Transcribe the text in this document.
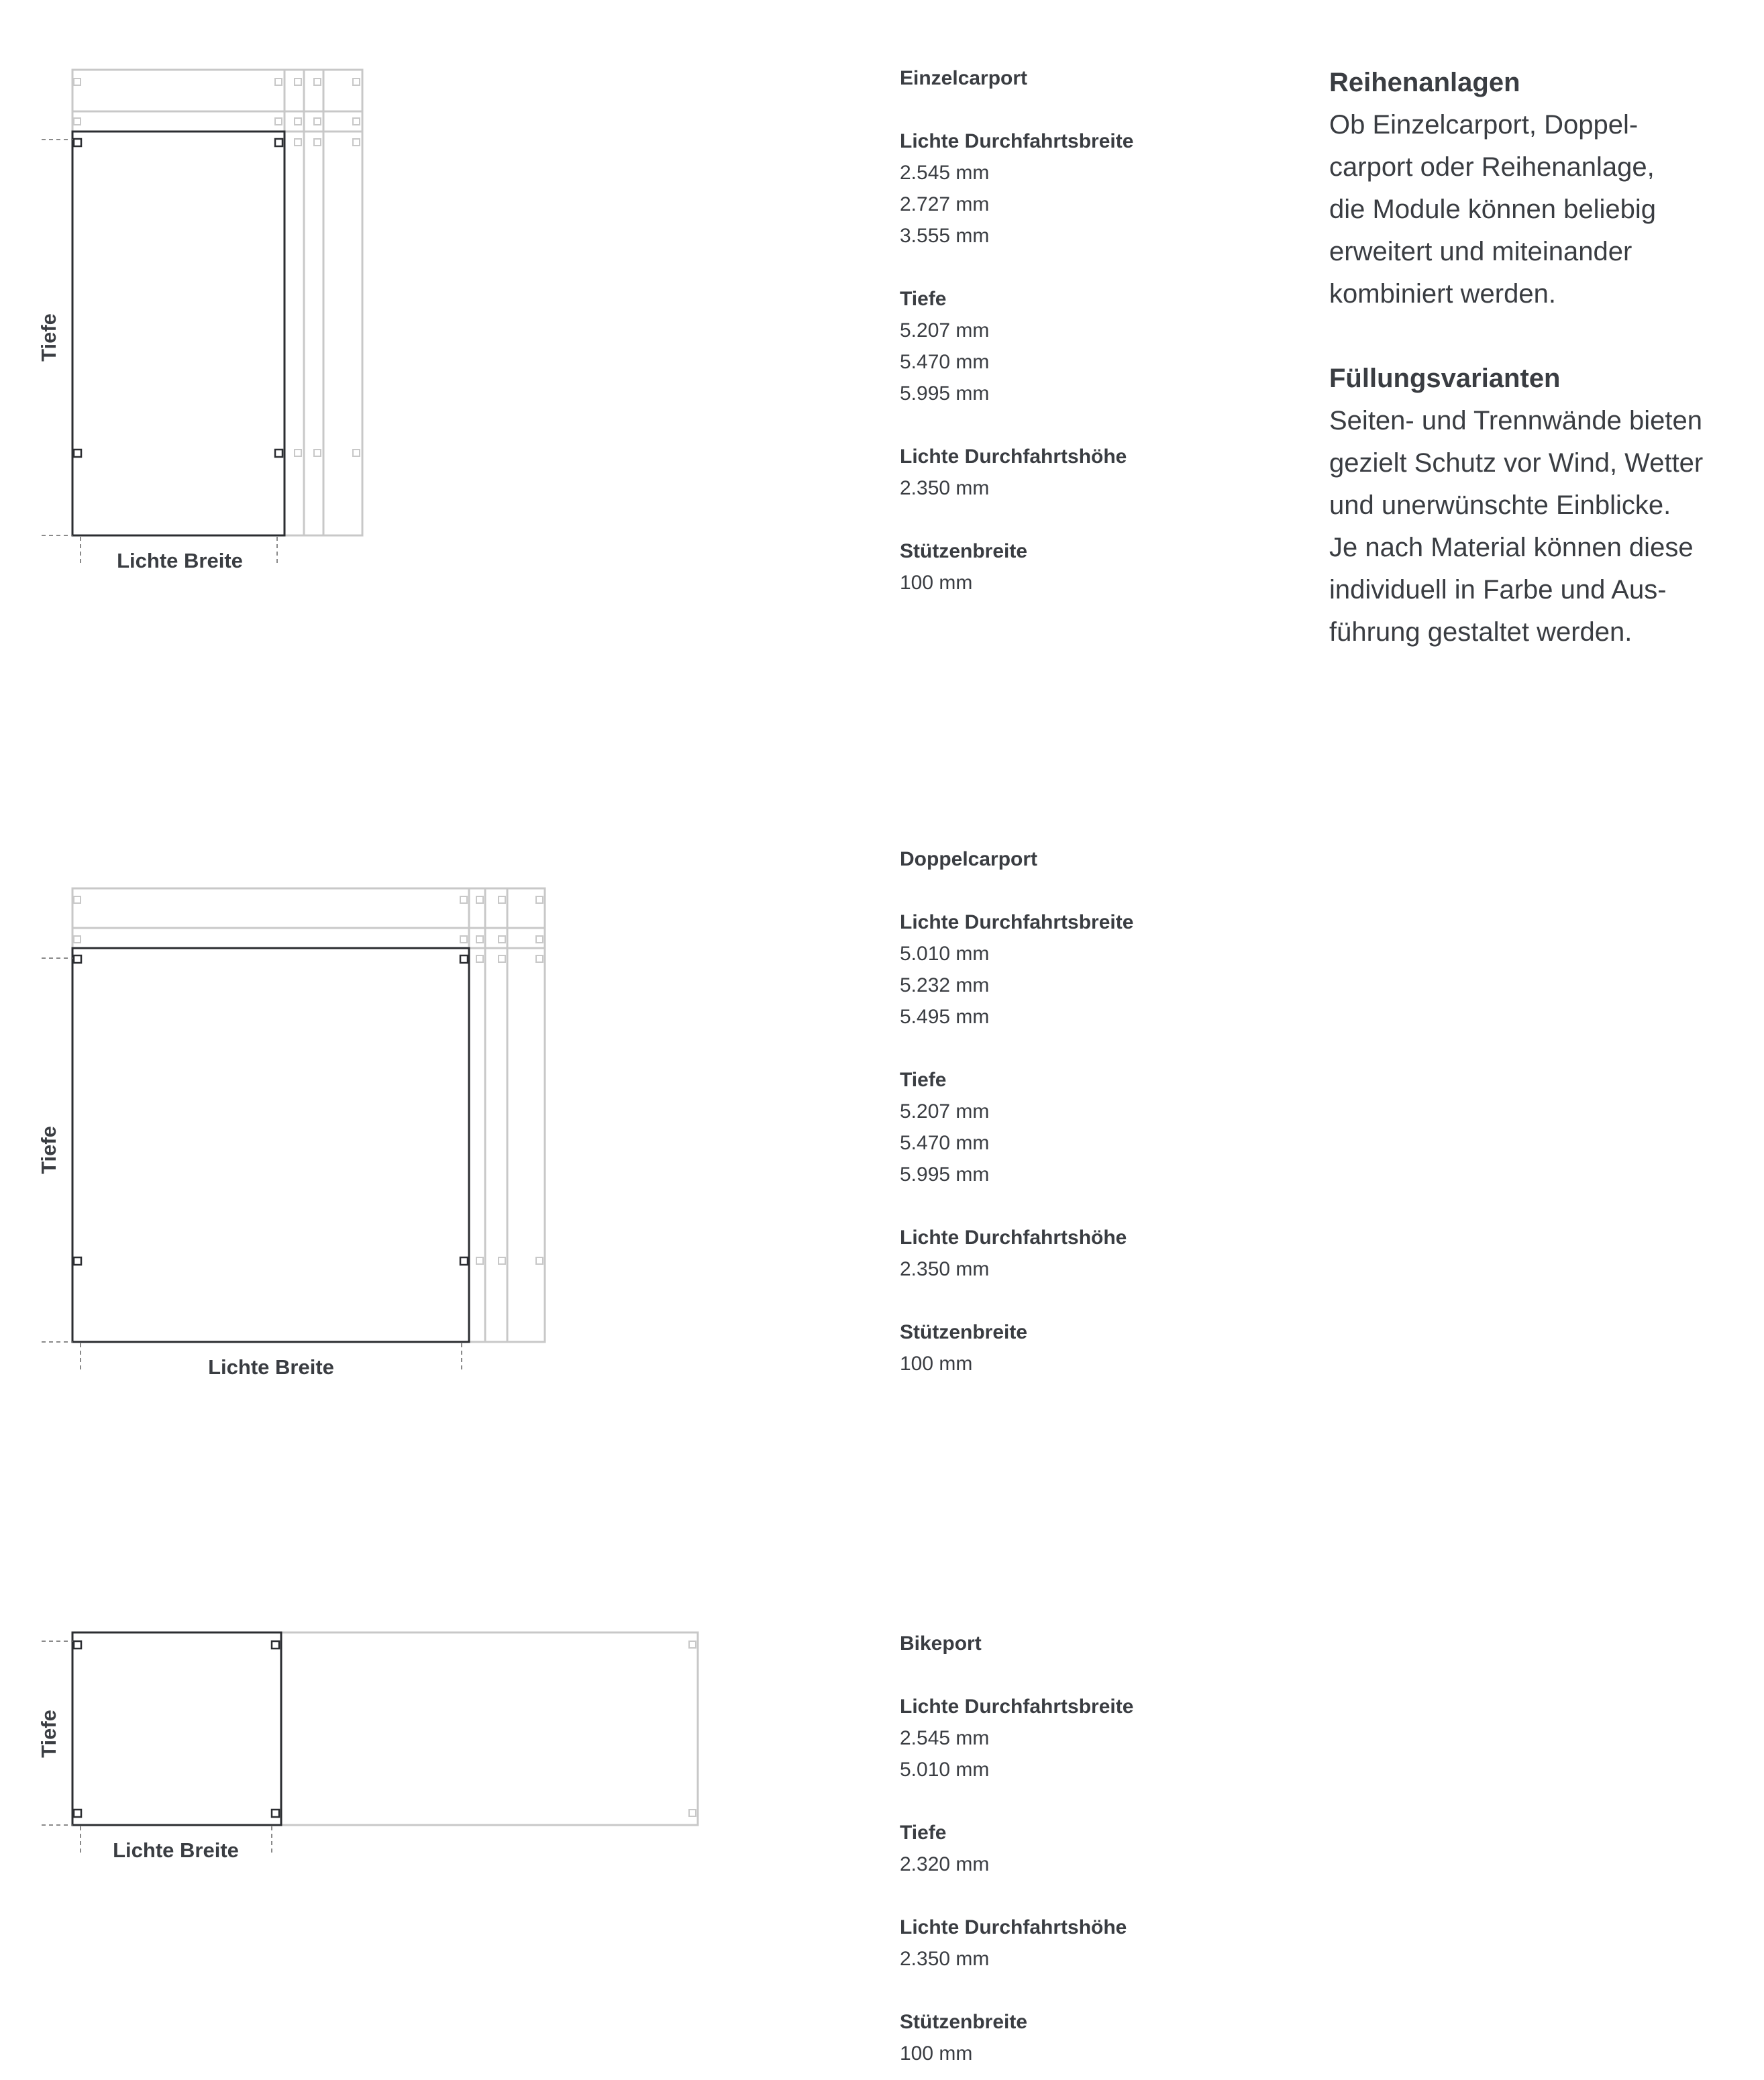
Tiefe
Lichte Breite
Tiefe
Lichte Breite
Tiefe
Lichte Breite
Einzelcarport
Lichte Durchfahrtsbreite
2.545 mm
2.727 mm
3.555 mm
Tiefe
5.207 mm
5.470 mm
5.995 mm
Lichte Durchfahrtshöhe
2.350 mm
Stützenbreite
100 mm
Doppelcarport
Lichte Durchfahrtsbreite
5.010 mm
5.232 mm
5.495 mm
Tiefe
5.207 mm
5.470 mm
5.995 mm
Lichte Durchfahrtshöhe
2.350 mm
Stützenbreite
100 mm
Bikeport
Lichte Durchfahrtsbreite
2.545 mm
5.010 mm
Tiefe
2.320 mm
Lichte Durchfahrtshöhe
2.350 mm
Stützenbreite
100 mm
Reihenanlagen
Ob Einzelcarport, Doppel-
carport oder Reihenanlage,
die Module können beliebig
erweitert und miteinander
kombiniert werden.
Füllungsvarianten
Seiten- und Trennwände bieten
gezielt Schutz vor Wind, Wetter
und unerwünschte Einblicke.
Je nach Material können diese
individuell in Farbe und Aus-
führung gestaltet werden.
